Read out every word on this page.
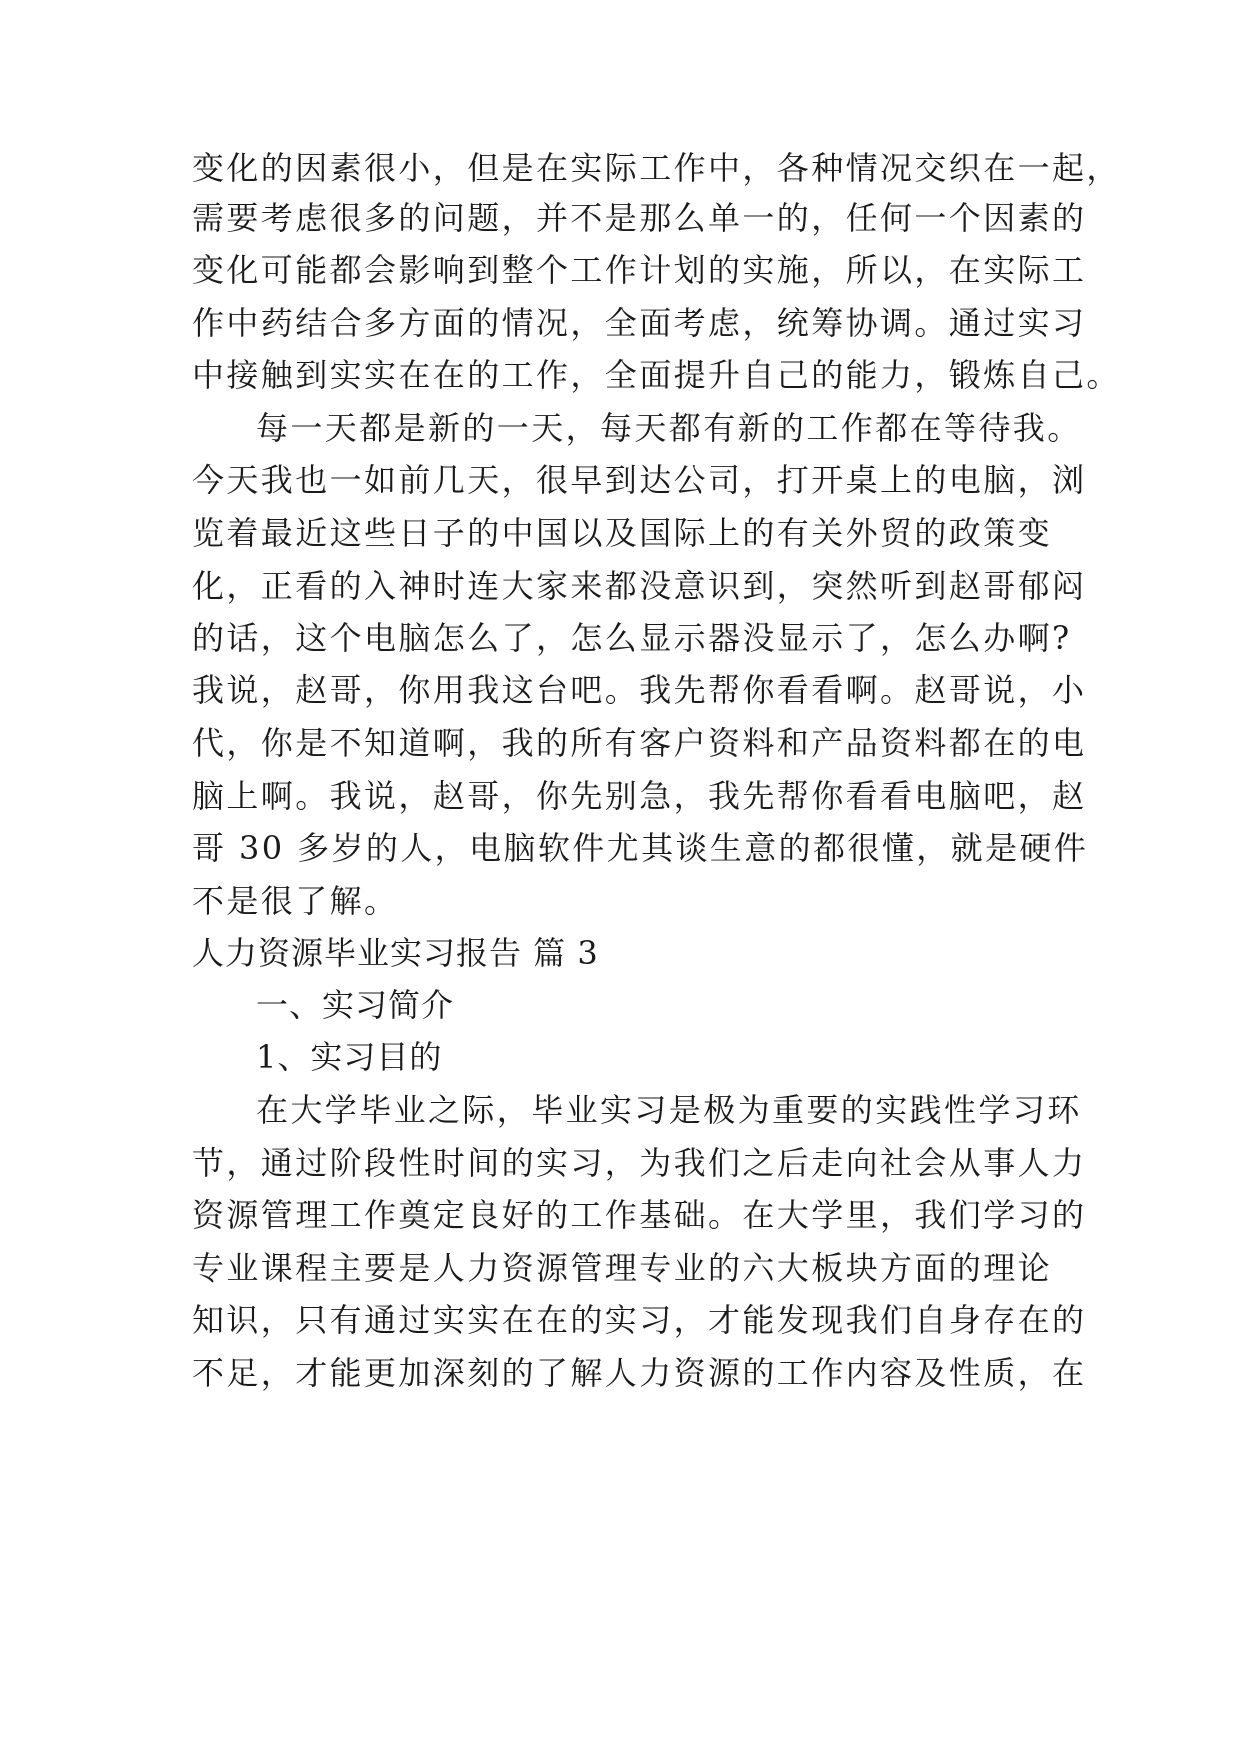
变化的因素很小，但是在实际工作中，各种情况交织在一起，
需要考虑很多的问题，并不是那么单一的，任何一个因素的
变化可能都会影响到整个工作计划的实施，所以，在实际工
作中药结合多方面的情况，全面考虑，统筹协调。通过实习
中接触到实实在在的工作，全面提升自己的能力，锻炼自己。
每一天都是新的一天，每天都有新的工作都在等待我。
今天我也一如前几天，很早到达公司，打开桌上的电脑，浏
览着最近这些日子的中国以及国际上的有关外贸的政策变
化，正看的入神时连大家来都没意识到，突然听到赵哥郁闷
的话，这个电脑怎么了，怎么显示器没显示了，怎么办啊?
我说，赵哥，你用我这台吧。我先帮你看看啊。赵哥说，小
代，你是不知道啊，我的所有客户资料和产品资料都在的电
脑上啊。我说，赵哥，你先别急，我先帮你看看电脑吧，赵
哥 30 多岁的人，电脑软件尤其谈生意的都很懂，就是硬件
不是很了解。
人力资源毕业实习报告 篇 3
一、实习简介
1、实习目的
在大学毕业之际，毕业实习是极为重要的实践性学习环
节，通过阶段性时间的实习，为我们之后走向社会从事人力
资源管理工作奠定良好的工作基础。在大学里，我们学习的
专业课程主要是人力资源管理专业的六大板块方面的理论
知识，只有通过实实在在的实习，才能发现我们自身存在的
不足，才能更加深刻的了解人力资源的工作内容及性质，在
